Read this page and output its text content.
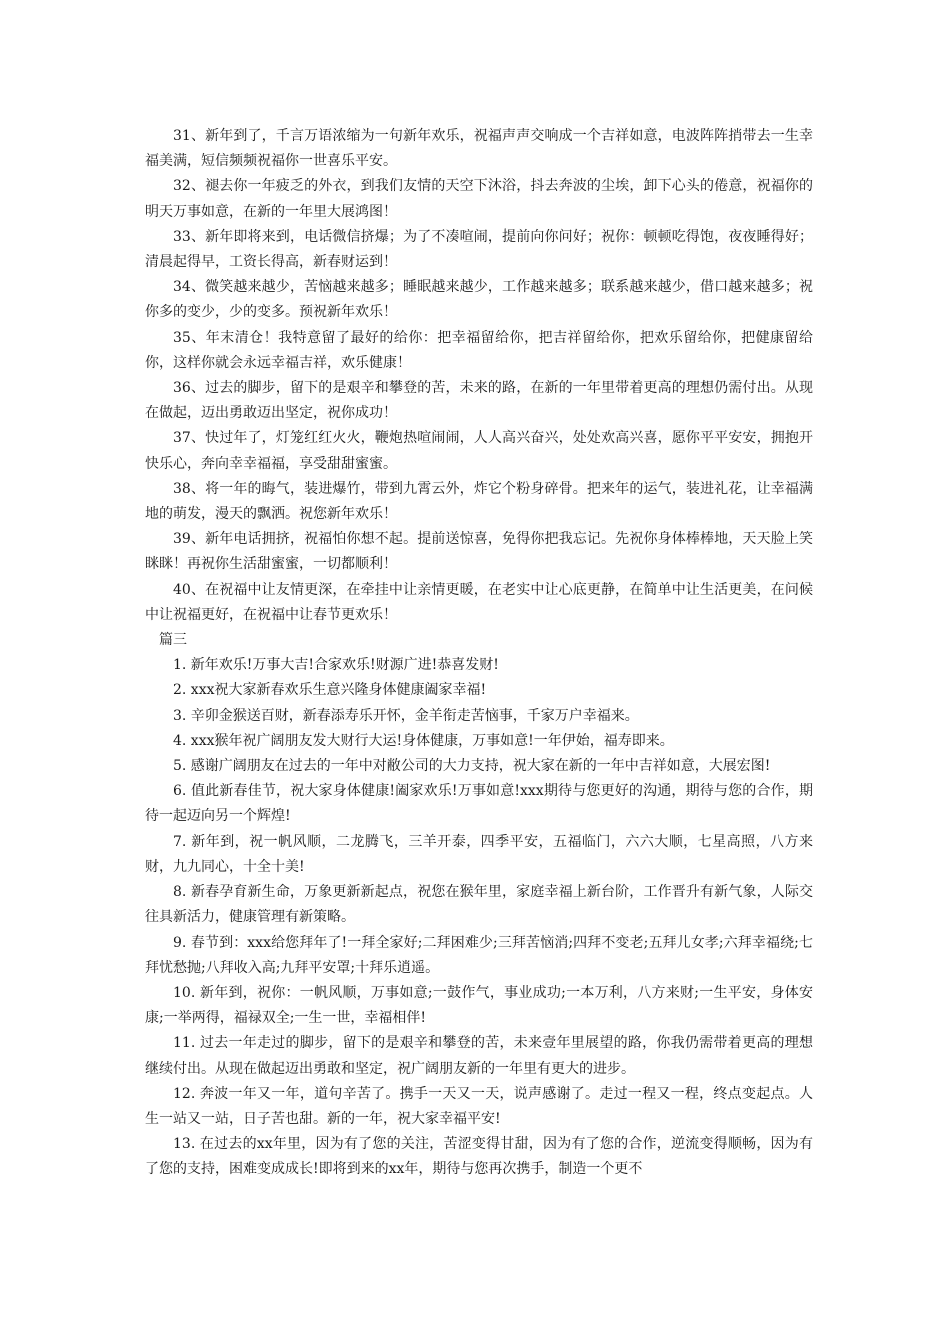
31、新年到了，千言万语浓缩为一句新年欢乐，祝福声声交响成一个吉祥如意，电波阵阵捎带去一生幸福美满，短信频频祝福你一世喜乐平安。

32、褪去你一年疲乏的外衣，到我们友情的天空下沐浴，抖去奔波的尘埃，卸下心头的倦意，祝福你的明天万事如意，在新的一年里大展鸿图！

33、新年即将来到，电话微信挤爆；为了不凑喧闹，提前向你问好；祝你：顿顿吃得饱，夜夜睡得好；清晨起得早，工资长得高，新春财运到！

34、微笑越来越少，苦恼越来越多；睡眠越来越少，工作越来越多；联系越来越少，借口越来越多；祝你多的变少，少的变多。预祝新年欢乐！

35、年末清仓！我特意留了最好的给你：把幸福留给你，把吉祥留给你，把欢乐留给你，把健康留给你，这样你就会永远幸福吉祥，欢乐健康！

36、过去的脚步，留下的是艰辛和攀登的苦，未来的路，在新的一年里带着更高的理想仍需付出。从现在做起，迈出勇敢迈出坚定，祝你成功！

37、快过年了，灯笼红红火火，鞭炮热喧闹闹，人人高兴奋兴，处处欢高兴喜，愿你平平安安，拥抱开快乐心，奔向幸幸福福，享受甜甜蜜蜜。

38、将一年的晦气，装进爆竹，带到九霄云外，炸它个粉身碎骨。把来年的运气，装进礼花，让幸福满地的萌发，漫天的飘洒。祝您新年欢乐！

39、新年电话拥挤，祝福怕你想不起。提前送惊喜，免得你把我忘记。先祝你身体棒棒地，天天脸上笑眯眯！再祝你生活甜蜜蜜，一切都顺利！

40、在祝福中让友情更深，在牵挂中让亲情更暖，在老实中让心底更静，在简单中让生活更美，在问候中让祝福更好，在祝福中让春节更欢乐！

篇三

1. 新年欢乐!万事大吉!合家欢乐!财源广进!恭喜发财!

2. xxx祝大家新春欢乐生意兴隆身体健康阖家幸福!

3. 辛卯金猴送百财，新春添寿乐开怀，金羊衔走苦恼事，千家万户幸福来。

4. xxx猴年祝广阔朋友发大财行大运!身体健康，万事如意!一年伊始，福寿即来。

5. 感谢广阔朋友在过去的一年中对敝公司的大力支持，祝大家在新的一年中吉祥如意，大展宏图!

6. 值此新春佳节，祝大家身体健康!阖家欢乐!万事如意!xxx期待与您更好的沟通，期待与您的合作，期待一起迈向另一个辉煌!

7. 新年到，祝一帆风顺，二龙腾飞，三羊开泰，四季平安，五福临门，六六大顺，七星高照，八方来财，九九同心，十全十美!

8. 新春孕育新生命，万象更新新起点，祝您在猴年里，家庭幸福上新台阶，工作晋升有新气象，人际交往具新活力，健康管理有新策略。

9. 春节到：xxx给您拜年了!一拜全家好;二拜困难少;三拜苦恼消;四拜不变老;五拜儿女孝;六拜幸福绕;七拜忧愁抛;八拜收入高;九拜平安罩;十拜乐逍遥。

10. 新年到，祝你：一帆风顺，万事如意;一鼓作气，事业成功;一本万利，八方来财;一生平安，身体安康;一举两得，福禄双全;一生一世，幸福相伴!

11. 过去一年走过的脚步，留下的是艰辛和攀登的苦，未来壹年里展望的路，你我仍需带着更高的理想继续付出。从现在做起迈出勇敢和坚定，祝广阔朋友新的一年里有更大的进步。

12. 奔波一年又一年，道句辛苦了。携手一天又一天，说声感谢了。走过一程又一程，终点变起点。人生一站又一站，日子苦也甜。新的一年，祝大家幸福平安!

13. 在过去的xx年里，因为有了您的关注，苦涩变得甘甜，因为有了您的合作，逆流变得顺畅，因为有了您的支持，困难变成成长!即将到来的xx年，期待与您再次携手，制造一个更不
